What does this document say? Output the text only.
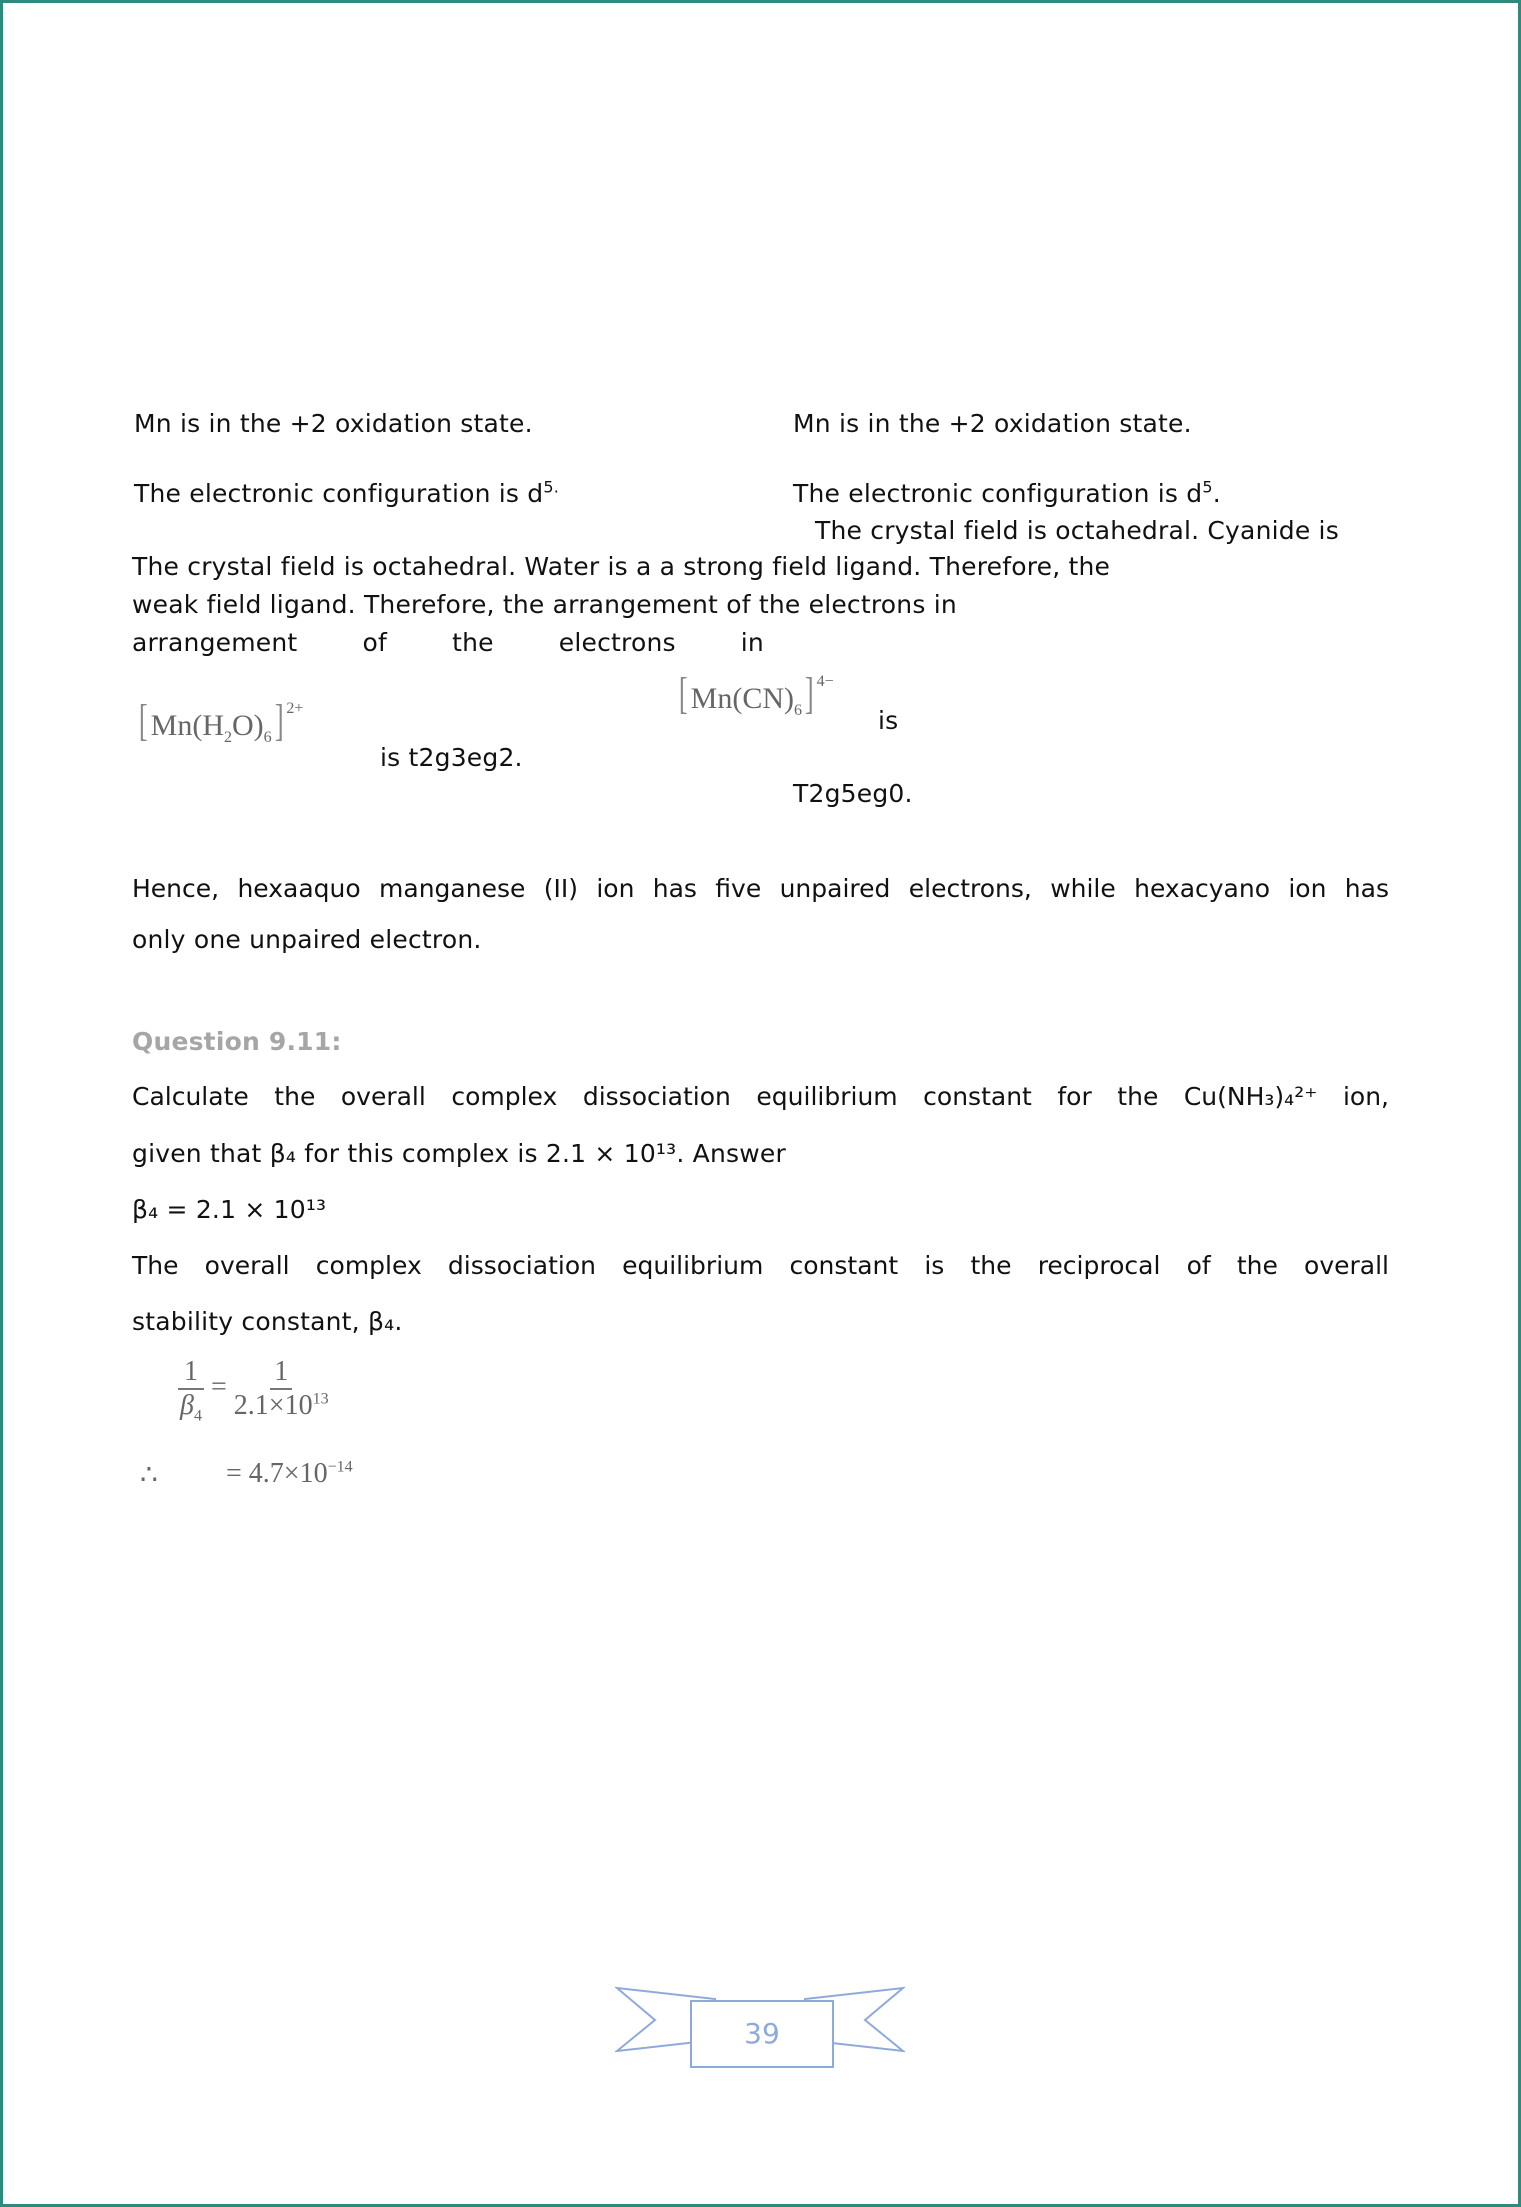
Mn is in the +2 oxidation state.	Mn is in the +2 oxidation state.
The electronic configuration is $d^{5.}$	The electronic configuration is $d^5$.
The crystal field is octahedral. Cyanide is
The crystal field is octahedral. Water is a a strong field ligand. Therefore, the
weak field ligand. Therefore, the arrangement of the electrons in
arrangement	of	the	electrons	in
$[Mn(H_2O)_6]$ $^{2+}$
is t2g3eg2.
$[Mn(CN)_6]$ $^{4-}$
is
T2g5eg0.
Hence, hexaaquo manganese (II) ion has five unpaired electrons, while hexacyano ion has
only one unpaired electron.
Question 9.11:
Calculate the overall complex dissociation equilibrium constant for the Cu(NH₃)₄²⁺ ion,
given that β₄ for this complex is 2.1 × 10¹³. Answer
β₄ = 2.1 × 10¹³
The overall complex dissociation equilibrium constant is the reciprocal of the overall
stability constant, β₄.
$\frac{1}{\beta_4} = \frac{1}{2.1\times 10^{13}}$
∴ = $4.7\times 10^{-14}$
39
